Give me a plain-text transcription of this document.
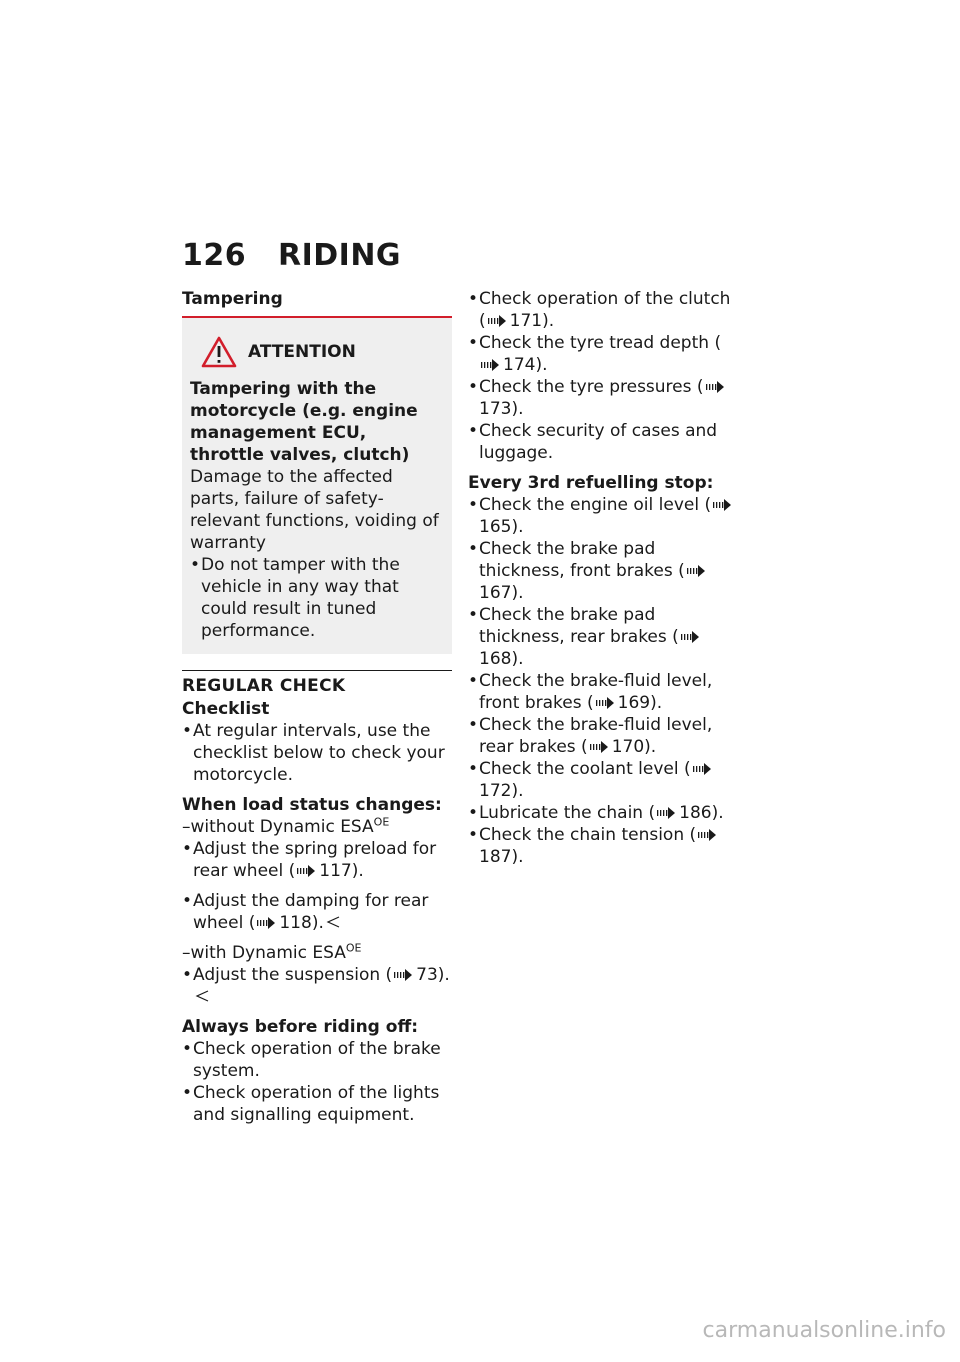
126 RIDING
Tampering
ATTENTION
Tampering with the motorcycle (e.g. engine management ECU, throttle valves, clutch)
Damage to the affected parts, failure of safety-relevant functions, voiding of warranty
• Do not tamper with the vehicle in any way that could result in tuned performance.
REGULAR CHECK
Checklist
• At regular intervals, use the checklist below to check your motorcycle.
When load status changes:
–without Dynamic $ESA^{OE}$
• Adjust the spring preload for rear wheel ( 117).
• Adjust the damping for rear wheel ( 118).
–with Dynamic $ESA^{OE}$
• Adjust the suspension ( 73).
Always before riding off:
• Check operation of the brake system.
• Check operation of the lights and signalling equipment.
• Check operation of the clutch ( 171).
• Check the tyre tread depth (174).
• Check the tyre pressures (173).
• Check security of cases and luggage.
Every 3rd refuelling stop:
• Check the engine oil level (165).
• Check the brake pad thickness, front brakes (167).
• Check the brake pad thickness, rear brakes (168).
• Check the brake-fluid level, front brakes ( 169).
• Check the brake-fluid level, rear brakes ( 170).
• Check the coolant level (172).
• Lubricate the chain ( 186).
• Check the chain tension (187).
carmanualsonline.info
